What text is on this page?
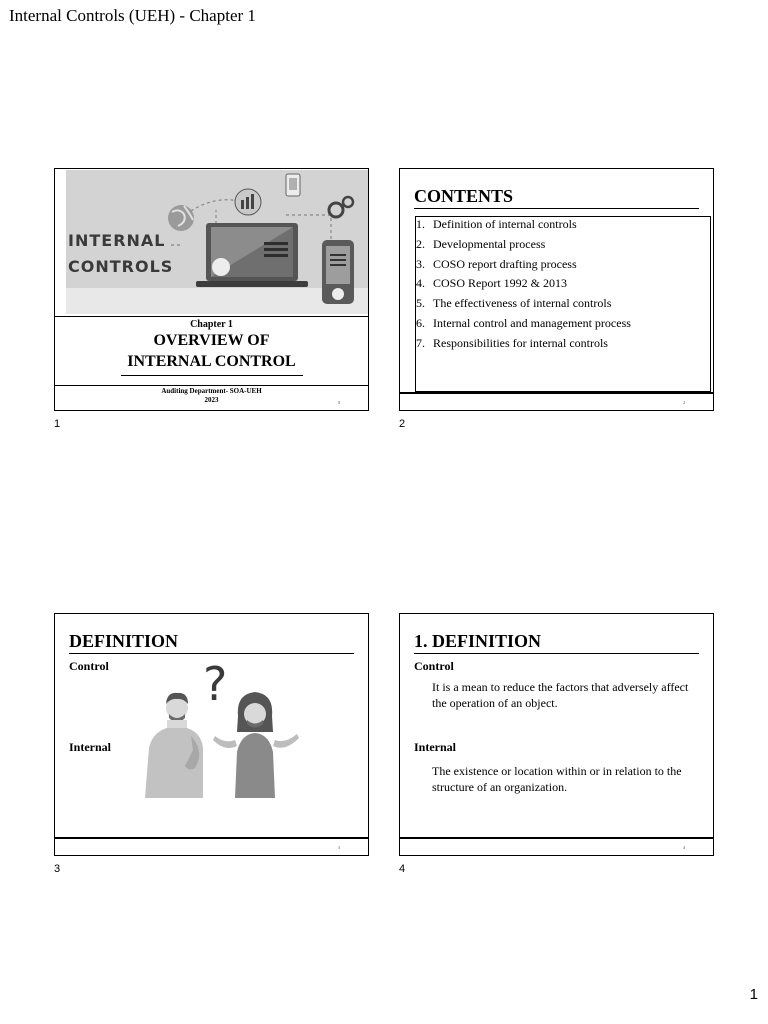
Internal Controls (UEH) - Chapter 1
INTERNAL
CONTROLS
Chapter 1
OVERVIEW OF
INTERNAL CONTROL
Auditing Department- SOA-UEH
2023	1
1
CONTENTS
1. Definition of internal controls
2. Developmental process
3. COSO report drafting process
4. COSO Report 1992 & 2013
5. The effectiveness of internal controls
6. Internal control and management process
7. Responsibilities for internal controls
2
2
DEFINITION
Control
Internal
?
3
3
1. DEFINITION
Control
It is a mean to reduce the factors that adversely affect the operation of an object.
Internal
The existence or location within or in relation to the structure of an organization.
4
4
1
